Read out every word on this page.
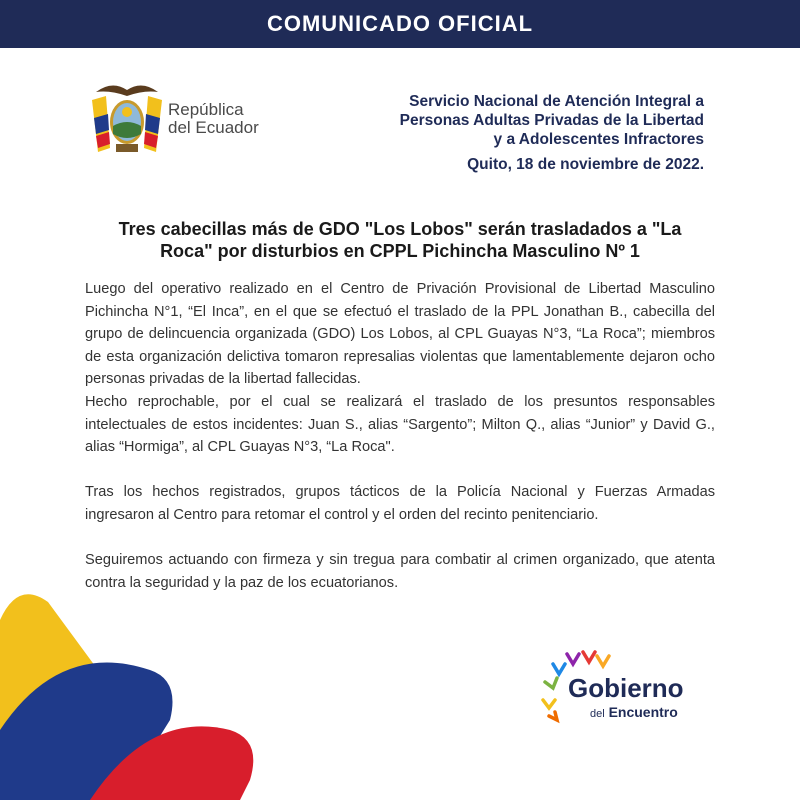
COMUNICADO OFICIAL
República
del Ecuador
Servicio Nacional de Atención Integral a
Personas Adultas Privadas de la Libertad
y a Adolescentes Infractores
Quito, 18 de noviembre de 2022.
Tres cabecillas más de GDO "Los Lobos" serán trasladados a "La Roca" por disturbios en CPPL Pichincha Masculino Nº 1

Luego del operativo realizado en el Centro de Privación Provisional de Libertad Masculino Pichincha N°1, “El Inca”, en el que se efectuó el traslado de la PPL Jonathan B., cabecilla del grupo de delincuencia organizada (GDO) Los Lobos, al CPL Guayas N°3, “La Roca”; miembros de esta organización delictiva tomaron represalias violentas que lamentablemente dejaron ocho personas privadas de la libertad fallecidas.

Hecho reprochable, por el cual se realizará el traslado de los presuntos responsables intelectuales de estos incidentes: Juan S., alias “Sargento”; Milton Q., alias “Junior” y David G., alias “Hormiga”, al CPL Guayas N°3, “La Roca".

Tras los hechos registrados, grupos tácticos de la Policía Nacional y Fuerzas Armadas ingresaron al Centro para retomar el control y el orden del recinto penitenciario.

Seguiremos actuando con firmeza y sin tregua para combatir al crimen organizado, que atenta contra la seguridad y la paz de los ecuatorianos.

Gobierno
del Encuentro
